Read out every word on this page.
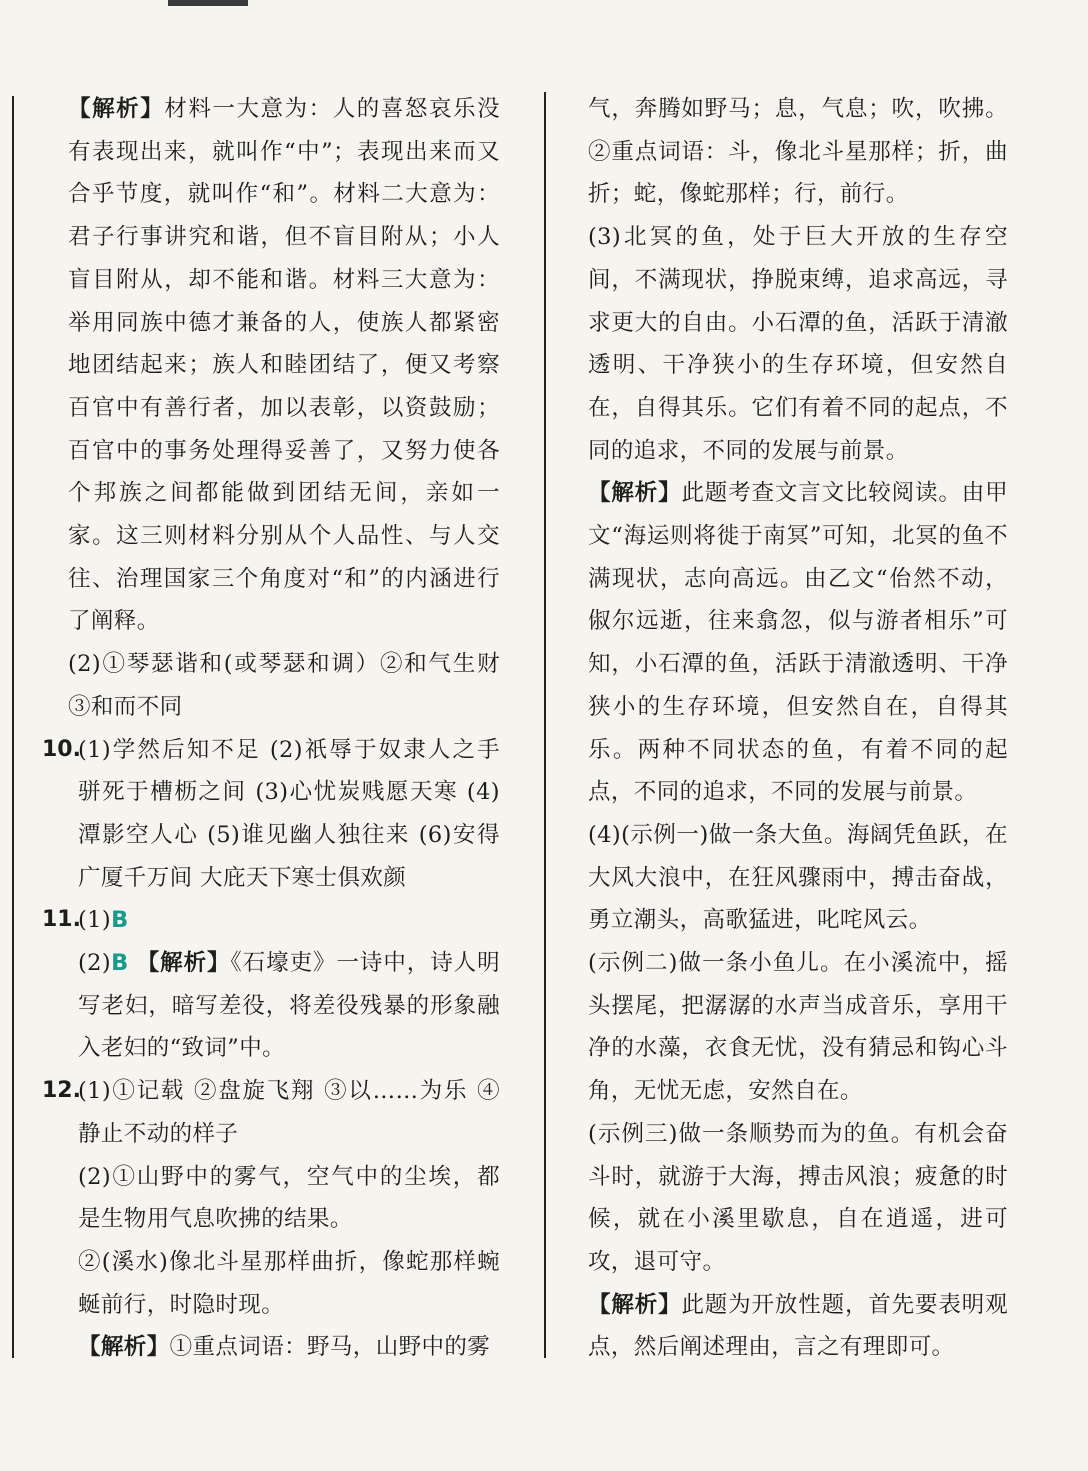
【解析】材料一大意为：人的喜怒哀乐没有表现出来，就叫作“中”；表现出来而又合乎节度，就叫作“和”。材料二大意为：君子行事讲究和谐，但不盲目附从；小人盲目附从，却不能和谐。材料三大意为：举用同族中德才兼备的人，使族人都紧密地团结起来；族人和睦团结了，便又考察百官中有善行者，加以表彰，以资鼓励；百官中的事务处理得妥善了，又努力使各个邦族之间都能做到团结无间，亲如一家。这三则材料分别从个人品性、与人交往、治理国家三个角度对“和”的内涵进行了阐释。

(2)①琴瑟谐和(或琴瑟和调）②和气生财 ③和而不同

10.

(1)学然后知不足 (2)祇辱于奴隶人之手 骈死于槽枥之间 (3)心忧炭贱愿天寒 (4)潭影空人心 (5)谁见幽人独往来 (6)安得广厦千万间 大庇天下寒士俱欢颜

11.

(1)B

(2)B 【解析】《石壕吏》一诗中，诗人明写老妇，暗写差役，将差役残暴的形象融入老妇的“致词”中。

12.

(1)①记载 ②盘旋飞翔 ③以……为乐 ④静止不动的样子

(2)①山野中的雾气，空气中的尘埃，都是生物用气息吹拂的结果。

②(溪水)像北斗星那样曲折，像蛇那样蜿蜒前行，时隐时现。

【解析】①重点词语：野马，山野中的雾

气，奔腾如野马；息，气息；吹，吹拂。②重点词语：斗，像北斗星那样；折，曲折；蛇，像蛇那样；行，前行。

(3)北冥的鱼，处于巨大开放的生存空间，不满现状，挣脱束缚，追求高远，寻求更大的自由。小石潭的鱼，活跃于清澈透明、干净狭小的生存环境，但安然自在，自得其乐。它们有着不同的起点，不同的追求，不同的发展与前景。

【解析】此题考查文言文比较阅读。由甲文“海运则将徙于南冥”可知，北冥的鱼不满现状，志向高远。由乙文“佁然不动，俶尔远逝，往来翕忽，似与游者相乐”可知，小石潭的鱼，活跃于清澈透明、干净狭小的生存环境，但安然自在，自得其乐。两种不同状态的鱼，有着不同的起点，不同的追求，不同的发展与前景。

(4)(示例一)做一条大鱼。海阔凭鱼跃，在大风大浪中，在狂风骤雨中，搏击奋战，勇立潮头，高歌猛进，叱咤风云。

(示例二)做一条小鱼儿。在小溪流中，摇头摆尾，把潺潺的水声当成音乐，享用干净的水藻，衣食无忧，没有猜忌和钩心斗角，无忧无虑，安然自在。

(示例三)做一条顺势而为的鱼。有机会奋斗时，就游于大海，搏击风浪；疲惫的时候，就在小溪里歇息，自在逍遥，进可攻，退可守。

【解析】此题为开放性题，首先要表明观点，然后阐述理由，言之有理即可。
